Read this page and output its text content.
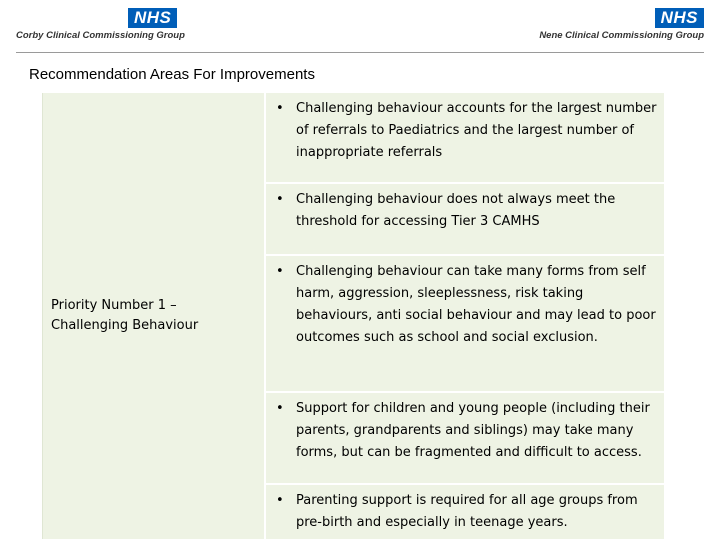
NHS
Corby Clinical Commissioning Group
NHS
Nene Clinical Commissioning Group
Recommendation Areas For Improvements
Priority Number 1 –
Challenging Behaviour
• Challenging behaviour accounts for the largest number of referrals to Paediatrics and the largest number of inappropriate referrals
• Challenging behaviour does not always meet the threshold for accessing Tier 3 CAMHS
• Challenging behaviour can take many forms from self harm, aggression, sleeplessness, risk taking behaviours, anti social behaviour and may lead to poor outcomes such as school and social exclusion.
• Support for children and young people (including their parents, grandparents and siblings) may take many forms, but can be fragmented and difficult to access.
• Parenting support is required for all age groups from pre-birth and especially in teenage years.
